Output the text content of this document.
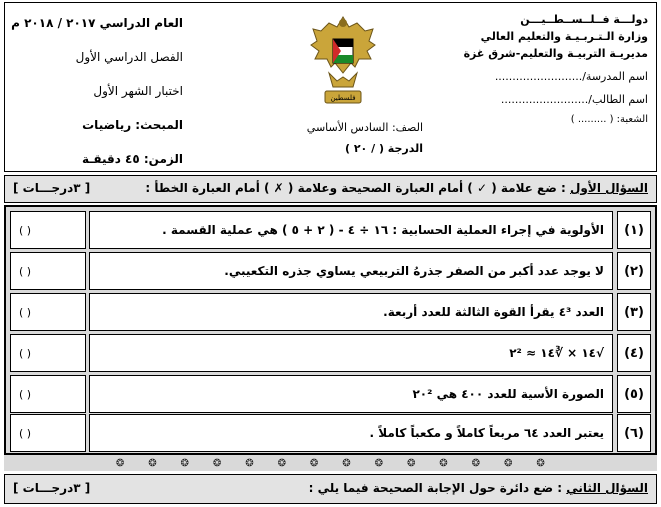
دولـــة فــلــســطــيـــن
وزارة الـتـربـيـة والتعليم العالي
مديريـة التربيـة والتعليم-شرق غزة
اسم المدرسة/.........................
اسم الطالب/.........................
الشعبة: ( ......... )
فلسطين
الصف: السادس الأساسي
الدرجة ( / ٢٠ )
العام الدراسي ٢٠١٧ / ٢٠١٨ م
الفصل الدراسي الأول
اختبار الشهر الأول
المبحث: رياضيات
الزمن: ٤٥ دقيقـة
السؤال الأول : ضع علامة ( ✓ ) أمام العبارة الصحيحة وعلامة ( ✗ ) أمام العبارة الخطأ :
[ ٣درجـــات ]
(١)
الأولوية في إجراء العملية الحسابية : ١٦ ÷ ٤ - ( ٢ + ٥ ) هي عملية القسمة .
( )
(٢)
لا يوجد عدد أكبر من الصفر جذرهُ التربيعي يساوي جذره التكعيبي.
( )
(٣)
العدد ٤³ يقرأ القوة الثالثة للعدد أربعة.
( )
(٤)
√١٤ × ∛١٤ ≈ ٢²
( )
(٥)
الصورة الأسية للعدد ٤٠٠ هي ٢٠²
( )
(٦)
يعتبر العدد ٦٤ مربعاً كاملاً و مكعباً كاملاً .
( )
❂ ❂ ❂ ❂ ❂ ❂ ❂ ❂ ❂ ❂ ❂ ❂ ❂ ❂
السؤال الثاني : ضع دائرة حول الإجابة الصحيحة فيما يلي :
[ ٣درجـــات ]
